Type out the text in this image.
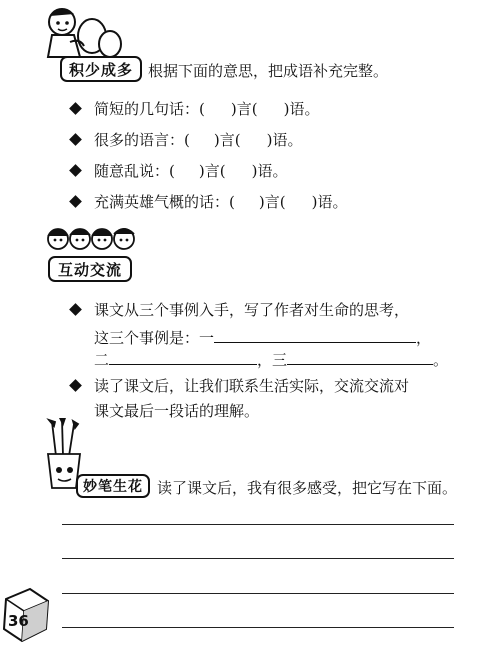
积少成多	根据下面的意思，把成语补充完整。
简短的几句话：( )言( )语。
很多的语言：( )言( )语。
随意乱说：( )言( )语。
充满英雄气概的话：( )言( )语。
互动交流
课文从三个事例入手，写了作者对生命的思考，
这三个事例是：一	，
二	，三	。
读了课文后，让我们联系生活实际，交流交流对
课文最后一段话的理解。
妙笔生花 读了课文后，我有很多感受，把它写在下面。
36
